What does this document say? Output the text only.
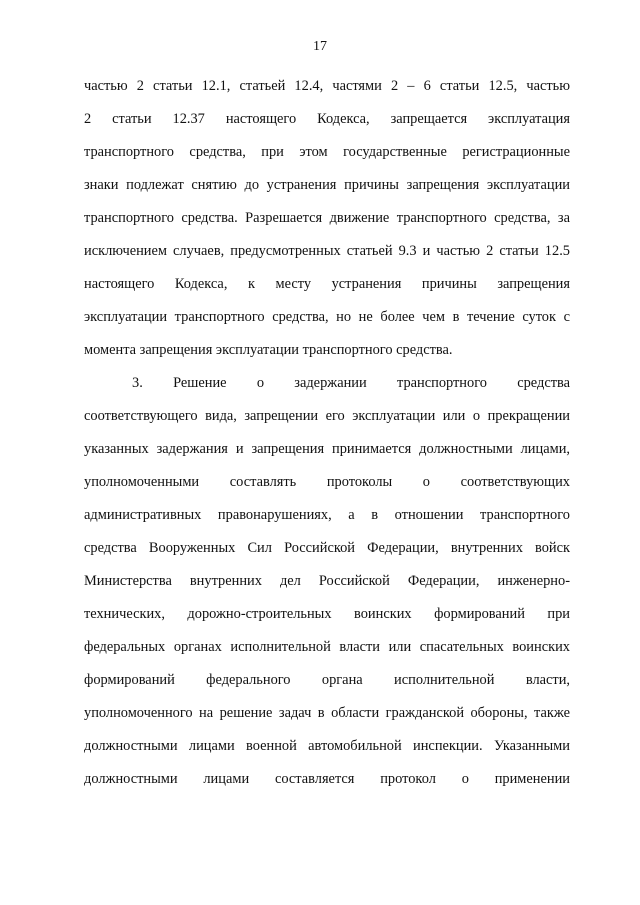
17
частью 2 статьи 12.1, статьей 12.4, частями 2 – 6 статьи 12.5, частью
2 статьи 12.37 настоящего Кодекса, запрещается эксплуатация
транспортного средства, при этом государственные регистрационные
знаки подлежат снятию до устранения причины запрещения эксплуатации
транспортного средства. Разрешается движение транспортного средства, за
исключением случаев, предусмотренных статьей 9.3 и частью 2 статьи 12.5
настоящего Кодекса, к месту устранения причины запрещения
эксплуатации транспортного средства, но не более чем в течение суток с
момента запрещения эксплуатации транспортного средства.
3. Решение о задержании транспортного средства
соответствующего вида, запрещении его эксплуатации или о прекращении
указанных задержания и запрещения принимается должностными лицами,
уполномоченными составлять протоколы о соответствующих
административных правонарушениях, а в отношении транспортного
средства Вооруженных Сил Российской Федерации, внутренних войск
Министерства внутренних дел Российской Федерации, инженерно-
технических, дорожно-строительных воинских формирований при
федеральных органах исполнительной власти или спасательных воинских
формирований федерального органа исполнительной власти,
уполномоченного на решение задач в области гражданской обороны, также
должностными лицами военной автомобильной инспекции. Указанными
должностными лицами составляется протокол о применении
